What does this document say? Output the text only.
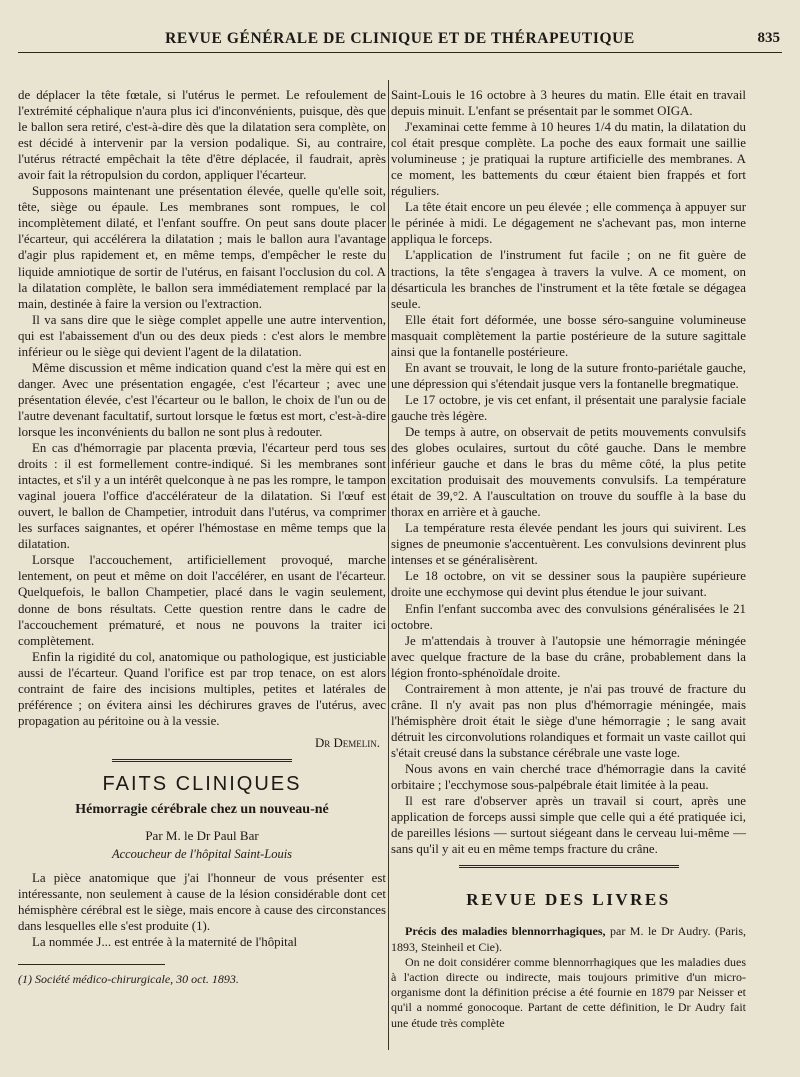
REVUE GÉNÉRALE DE CLINIQUE ET DE THÉRAPEUTIQUE	835

de déplacer la tête fœtale, si l'utérus le permet. Le refoulement de l'extrémité céphalique n'aura plus ici d'inconvénients, puisque, dès que le ballon sera retiré, c'est-à-dire dès que la dilatation sera complète, on est décidé à intervenir par la version podalique. Si, au contraire, l'utérus rétracté empêchait la tête d'être déplacée, il faudrait, après avoir fait la rétropulsion du cordon, appliquer l'écarteur.

Supposons maintenant une présentation élevée, quelle qu'elle soit, tête, siège ou épaule. Les membranes sont rompues, le col incomplètement dilaté, et l'enfant souffre. On peut sans doute placer l'écarteur, qui accélérera la dilatation ; mais le ballon aura l'avantage d'agir plus rapidement et, en même temps, d'empêcher le reste du liquide amniotique de sortir de l'utérus, en faisant l'occlusion du col. A la dilatation complète, le ballon sera immédiatement remplacé par la main, destinée à faire la version ou l'extraction.

Il va sans dire que le siège complet appelle une autre intervention, qui est l'abaissement d'un ou des deux pieds : c'est alors le membre inférieur ou le siège qui devient l'agent de la dilatation.

Même discussion et même indication quand c'est la mère qui est en danger. Avec une présentation engagée, c'est l'écarteur ; avec une présentation élevée, c'est l'écarteur ou le ballon, le choix de l'un ou de l'autre devenant facultatif, surtout lorsque le fœtus est mort, c'est-à-dire lorsque les inconvénients du ballon ne sont plus à redouter.

En cas d'hémorragie par placenta prœvia, l'écarteur perd tous ses droits : il est formellement contre-indiqué. Si les membranes sont intactes, et s'il y a un intérêt quelconque à ne pas les rompre, le tampon vaginal jouera l'office d'accélérateur de la dilatation. Si l'œuf est ouvert, le ballon de Champetier, introduit dans l'utérus, va comprimer les surfaces saignantes, et opérer l'hémostase en même temps que la dilatation.

Lorsque l'accouchement, artificiellement provoqué, marche lentement, on peut et même on doit l'accélérer, en usant de l'écarteur. Quelquefois, le ballon Champetier, placé dans le vagin seulement, donne de bons résultats. Cette question rentre dans le cadre de l'accouchement prématuré, et nous ne pouvons la traiter ici complètement.

Enfin la rigidité du col, anatomique ou pathologique, est justiciable aussi de l'écarteur. Quand l'orifice est par trop tenace, on est alors contraint de faire des incisions multiples, petites et latérales de préférence ; on évitera ainsi les déchirures graves de l'utérus, avec propagation au péritoine ou à la vessie.

Dr Demelin.
FAITS CLINIQUES
Hémorragie cérébrale chez un nouveau-né
Par M. le Dr Paul Bar
Accoucheur de l'hôpital Saint-Louis

La pièce anatomique que j'ai l'honneur de vous présenter est intéressante, non seulement à cause de la lésion considérable dont cet hémisphère cérébral est le siège, mais encore à cause des circonstances dans lesquelles elle s'est produite (1).

La nommée J... est entrée à la maternité de l'hôpital

(1) Société médico-chirurgicale, 30 oct. 1893.

Saint-Louis le 16 octobre à 3 heures du matin. Elle était en travail depuis minuit. L'enfant se présentait par le sommet OIGA.

J'examinai cette femme à 10 heures 1/4 du matin, la dilatation du col était presque complète. La poche des eaux formait une saillie volumineuse ; je pratiquai la rupture artificielle des membranes. A ce moment, les battements du cœur étaient bien frappés et fort réguliers.

La tête était encore un peu élevée ; elle commença à appuyer sur le périnée à midi. Le dégagement ne s'achevant pas, mon interne appliqua le forceps.

L'application de l'instrument fut facile ; on ne fit guère de tractions, la tête s'engagea à travers la vulve. A ce moment, on désarticula les branches de l'instrument et la tête fœtale se dégagea seule.

Elle était fort déformée, une bosse séro-sanguine volumineuse masquait complètement la partie postérieure de la suture sagittale ainsi que la fontanelle postérieure.

En avant se trouvait, le long de la suture fronto-pariétale gauche, une dépression qui s'étendait jusque vers la fontanelle bregmatique.

Le 17 octobre, je vis cet enfant, il présentait une paralysie faciale gauche très légère.

De temps à autre, on observait de petits mouvements convulsifs des globes oculaires, surtout du côté gauche. Dans le membre inférieur gauche et dans le bras du même côté, la plus petite excitation produisait des mouvements convulsifs. La température était de 39,°2. A l'auscultation on trouve du souffle à la base du thorax en arrière et à gauche.

La température resta élevée pendant les jours qui suivirent. Les signes de pneumonie s'accentuèrent. Les convulsions devinrent plus intenses et se généralisèrent.

Le 18 octobre, on vit se dessiner sous la paupière supérieure droite une ecchymose qui devint plus étendue le jour suivant.

Enfin l'enfant succomba avec des convulsions généralisées le 21 octobre.

Je m'attendais à trouver à l'autopsie une hémorragie méningée avec quelque fracture de la base du crâne, probablement dans la légion fronto-sphénoïdale droite.

Contrairement à mon attente, je n'ai pas trouvé de fracture du crâne. Il n'y avait pas non plus d'hémorragie méningée, mais l'hémisphère droit était le siège d'une hémorragie ; le sang avait détruit les circonvolutions rolandiques et formait un vaste caillot qui s'était creusé dans la substance cérébrale une vaste loge.

Nous avons en vain cherché trace d'hémorragie dans la cavité orbitaire ; l'ecchymose sous-palpébrale était limitée à la peau.

Il est rare d'observer après un travail si court, après une application de forceps aussi simple que celle qui a été pratiquée ici, de pareilles lésions — surtout siégeant dans le cerveau lui-même — sans qu'il y ait eu en même temps fracture du crâne.

REVUE DES LIVRES

Précis des maladies blennorrhagiques, par M. le Dr Audry. (Paris, 1893, Steinheil et Cie).

On ne doit considérer comme blennorrhagiques que les maladies dues à l'action directe ou indirecte, mais toujours primitive d'un micro-organisme dont la définition précise a été fournie en 1879 par Neisser et qu'il a nommé gonocoque. Partant de cette définition, le Dr Audry fait une étude très complète
